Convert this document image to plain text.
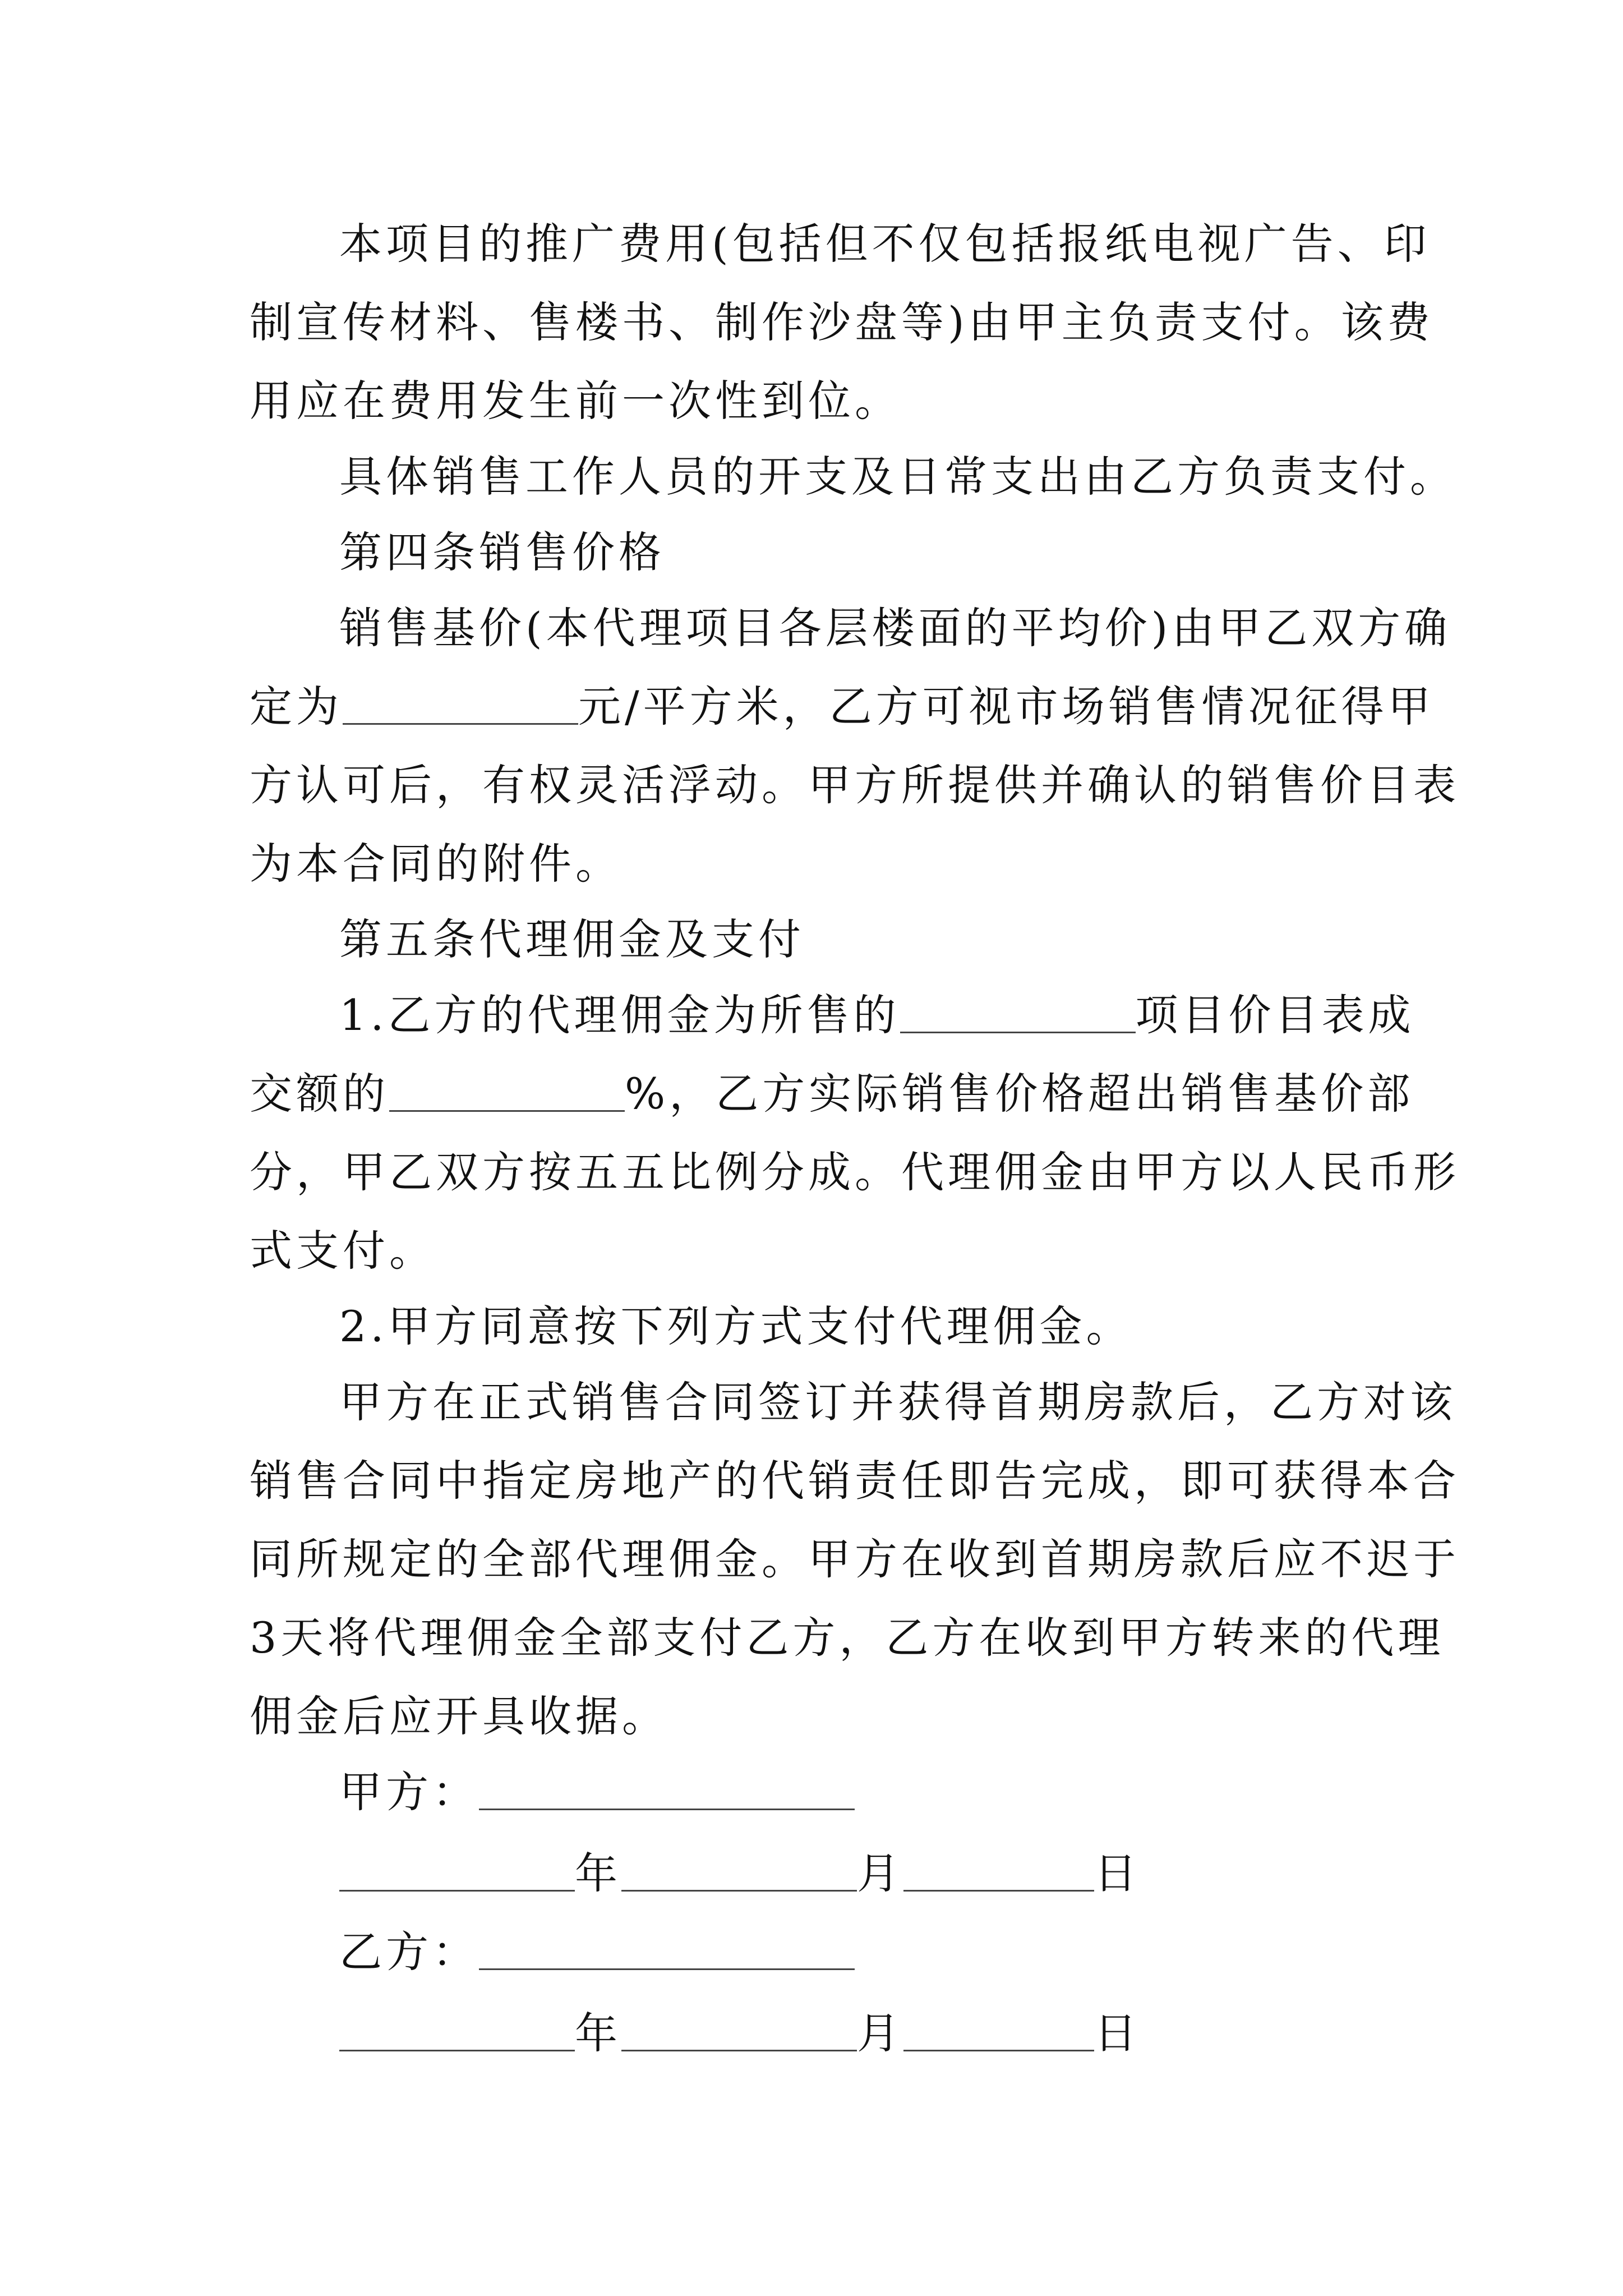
本项目的推广费用(包括但不仅包括报纸电视广告、印
制宣传材料、售楼书、制作沙盘等)由甲主负责支付。该费
用应在费用发生前一次性到位。
具体销售工作人员的开支及日常支出由乙方负责支付。
第四条销售价格
销售基价(本代理项目各层楼面的平均价)由甲乙双方确
定为	元/平方米，乙方可视市场销售情况征得甲
方认可后，有权灵活浮动。甲方所提供并确认的销售价目表
为本合同的附件。
第五条代理佣金及支付
1.乙方的代理佣金为所售的	项目价目表成
交额的	%，乙方实际销售价格超出销售基价部
分，甲乙双方按五五比例分成。代理佣金由甲方以人民币形
式支付。
2.甲方同意按下列方式支付代理佣金。
甲方在正式销售合同签订并获得首期房款后，乙方对该
销售合同中指定房地产的代销责任即告完成，即可获得本合
同所规定的全部代理佣金。甲方在收到首期房款后应不迟于
3天将代理佣金全部支付乙方，乙方在收到甲方转来的代理
佣金后应开具收据。
甲方：
年	月	日
乙方：
年	月	日
